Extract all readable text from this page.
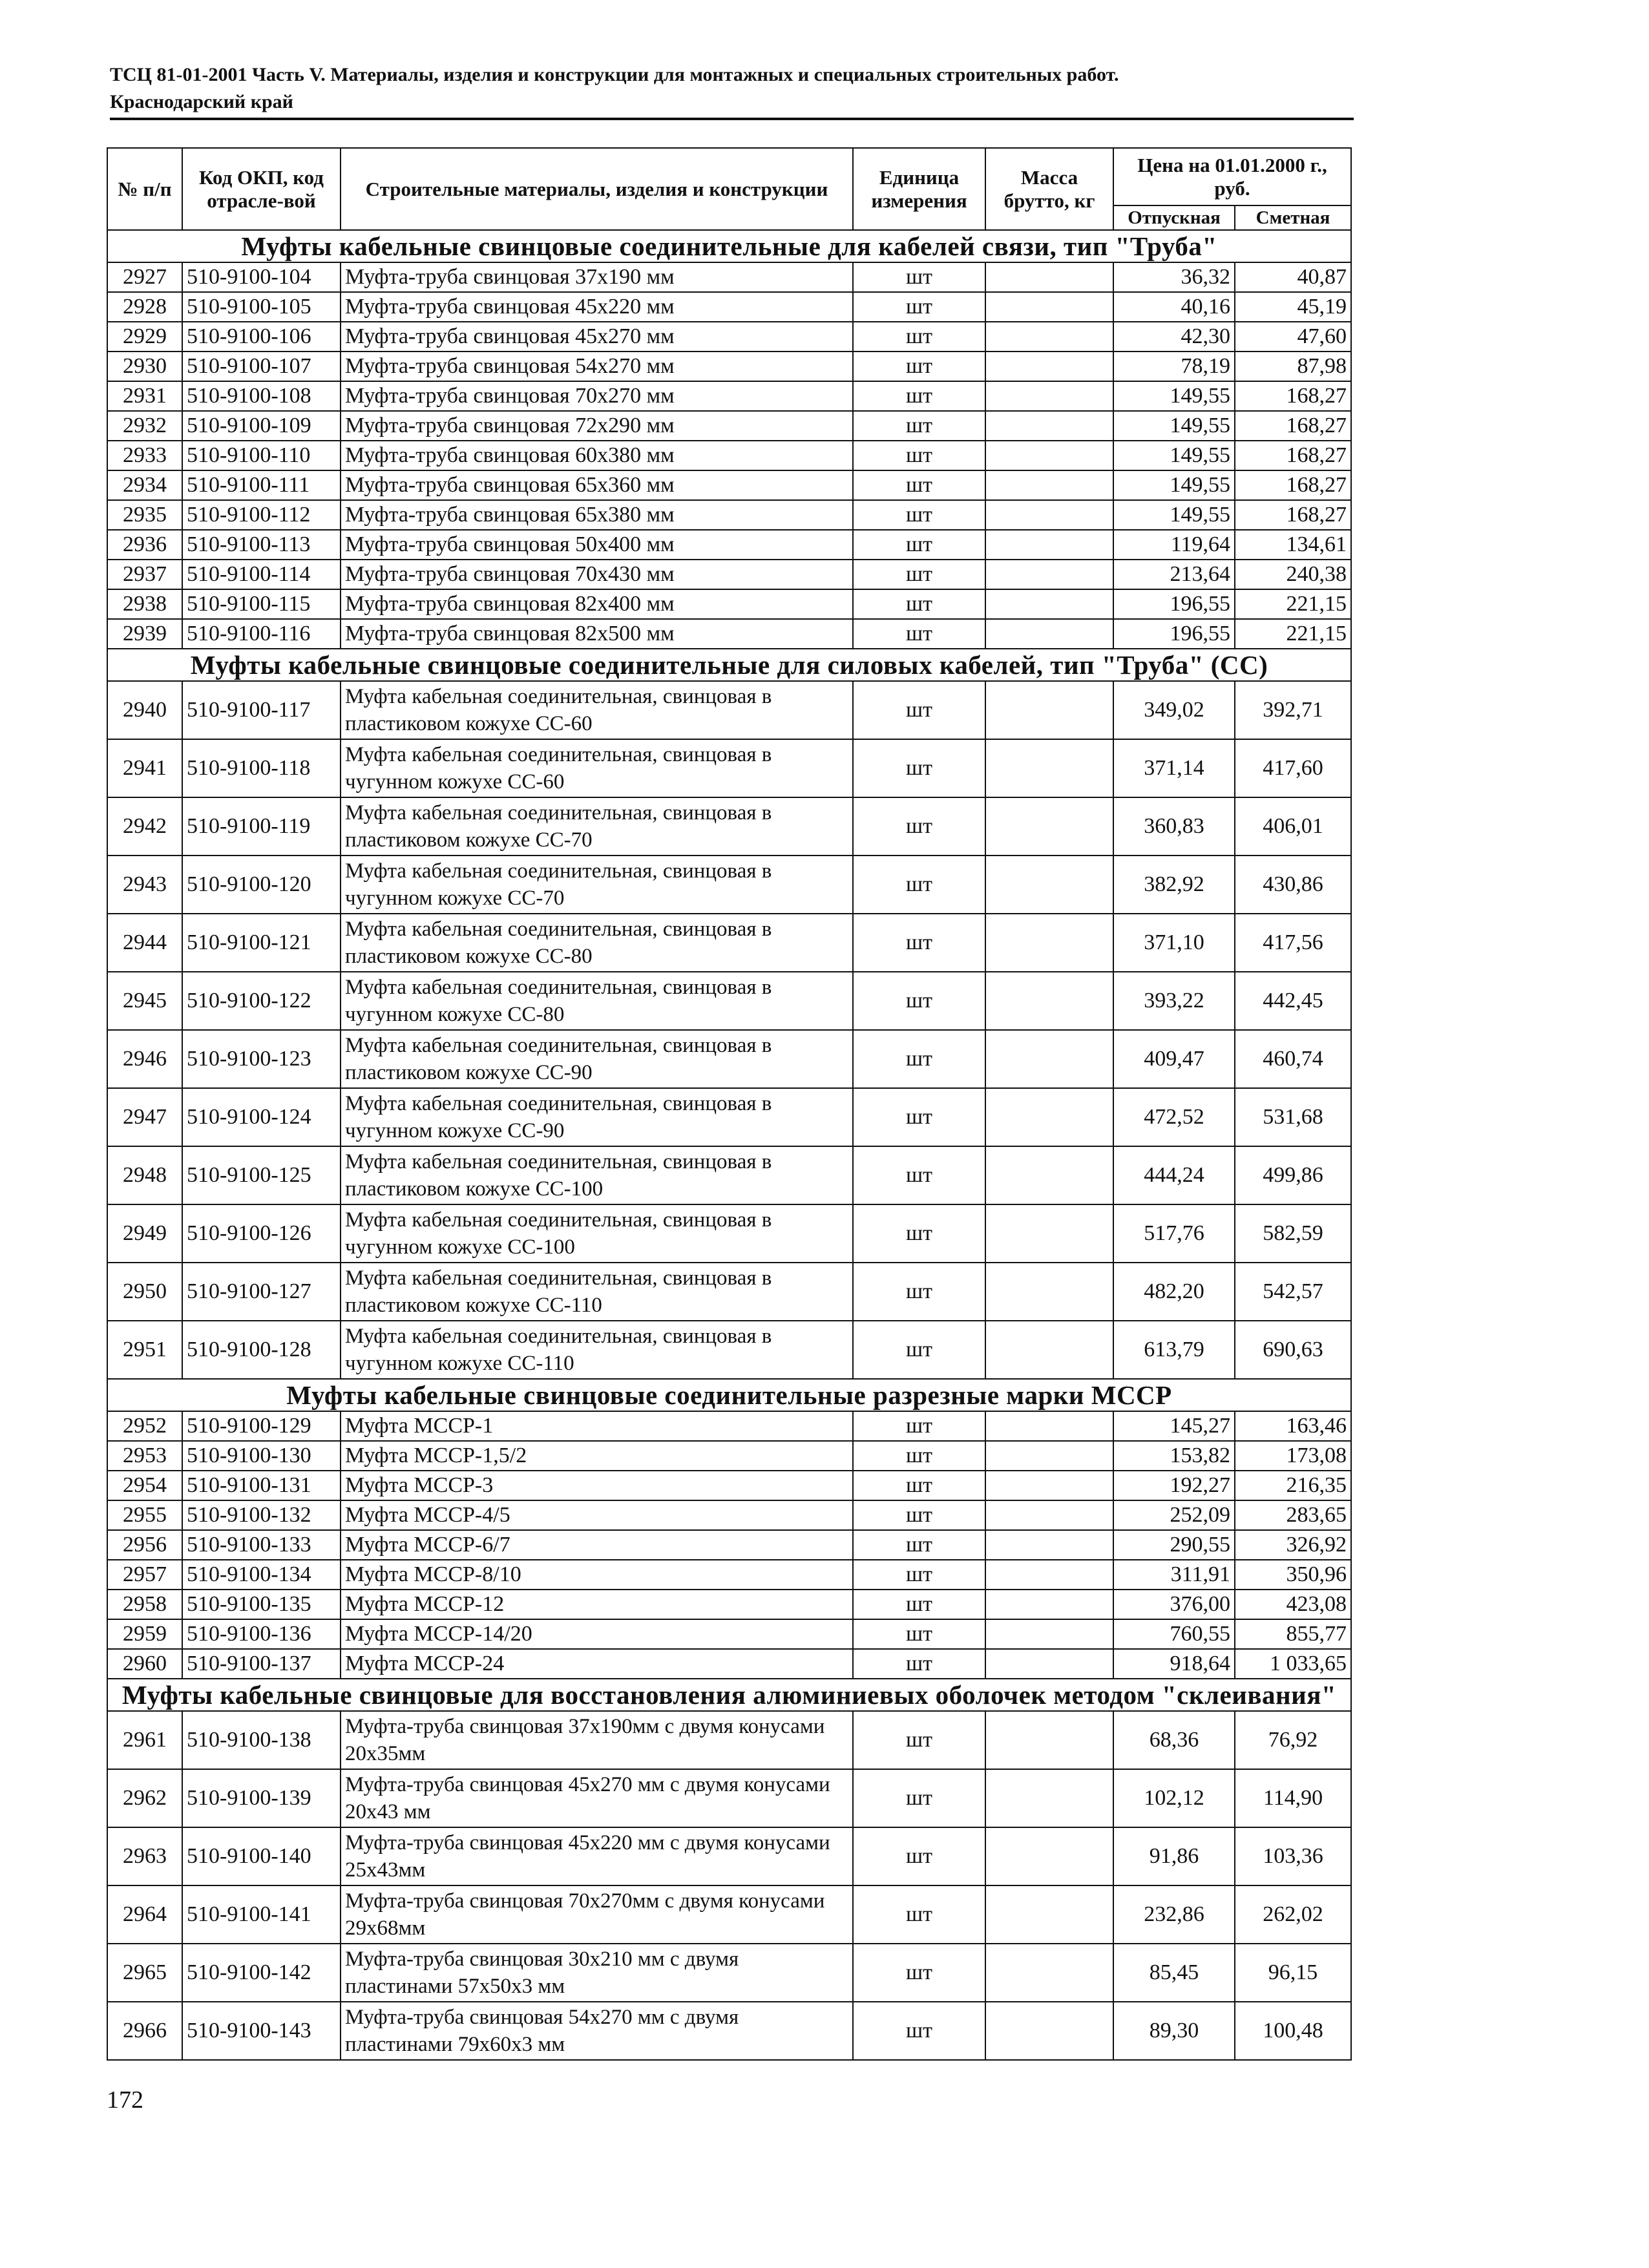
ТСЦ 81-01-2001 Часть V. Материалы, изделия и конструкции для монтажных и специальных строительных работ.
Краснодарский край
№ п/п	Код ОКП, код отрасле-вой	Строительные материалы, изделия и конструкции	Единица измерения	Масса брутто, кг	Цена на 01.01.2000 г., руб.	
					Отпускная	Сметная
Муфты кабельные свинцовые соединительные для кабелей связи, тип "Труба"						
2927	510-9100-104	Муфта-труба свинцовая 37х190 мм	шт		36,32	40,87
2928	510-9100-105	Муфта-труба свинцовая 45х220 мм	шт		40,16	45,19
2929	510-9100-106	Муфта-труба свинцовая 45х270 мм	шт		42,30	47,60
2930	510-9100-107	Муфта-труба свинцовая 54х270 мм	шт		78,19	87,98
2931	510-9100-108	Муфта-труба свинцовая 70х270 мм	шт		149,55	168,27
2932	510-9100-109	Муфта-труба свинцовая 72х290 мм	шт		149,55	168,27
2933	510-9100-110	Муфта-труба свинцовая 60х380 мм	шт		149,55	168,27
2934	510-9100-111	Муфта-труба свинцовая 65х360 мм	шт		149,55	168,27
2935	510-9100-112	Муфта-труба свинцовая 65х380 мм	шт		149,55	168,27
2936	510-9100-113	Муфта-труба свинцовая 50х400 мм	шт		119,64	134,61
2937	510-9100-114	Муфта-труба свинцовая 70х430 мм	шт		213,64	240,38
2938	510-9100-115	Муфта-труба свинцовая 82х400 мм	шт		196,55	221,15
2939	510-9100-116	Муфта-труба свинцовая 82х500 мм	шт		196,55	221,15
Муфты кабельные свинцовые соединительные для силовых кабелей, тип "Труба" (СС)						
2940	510-9100-117	Муфта кабельная соединительная, свинцовая в пластиковом кожухе СС-60	шт		349,02	392,71
2941	510-9100-118	Муфта кабельная соединительная, свинцовая в чугунном кожухе СС-60	шт		371,14	417,60
2942	510-9100-119	Муфта кабельная соединительная, свинцовая в пластиковом кожухе СС-70	шт		360,83	406,01
2943	510-9100-120	Муфта кабельная соединительная, свинцовая в чугунном кожухе СС-70	шт		382,92	430,86
2944	510-9100-121	Муфта кабельная соединительная, свинцовая в пластиковом кожухе СС-80	шт		371,10	417,56
2945	510-9100-122	Муфта кабельная соединительная, свинцовая в чугунном кожухе СС-80	шт		393,22	442,45
2946	510-9100-123	Муфта кабельная соединительная, свинцовая в пластиковом кожухе СС-90	шт		409,47	460,74
2947	510-9100-124	Муфта кабельная соединительная, свинцовая в чугунном кожухе СС-90	шт		472,52	531,68
2948	510-9100-125	Муфта кабельная соединительная, свинцовая в пластиковом кожухе СС-100	шт		444,24	499,86
2949	510-9100-126	Муфта кабельная соединительная, свинцовая в чугунном кожухе СС-100	шт		517,76	582,59
2950	510-9100-127	Муфта кабельная соединительная, свинцовая в пластиковом кожухе СС-110	шт		482,20	542,57
2951	510-9100-128	Муфта кабельная соединительная, свинцовая в чугунном кожухе СС-110	шт		613,79	690,63
Муфты кабельные свинцовые соединительные разрезные марки МССР						
2952	510-9100-129	Муфта МССР-1	шт		145,27	163,46
2953	510-9100-130	Муфта МССР-1,5/2	шт		153,82	173,08
2954	510-9100-131	Муфта МССР-3	шт		192,27	216,35
2955	510-9100-132	Муфта МССР-4/5	шт		252,09	283,65
2956	510-9100-133	Муфта МССР-6/7	шт		290,55	326,92
2957	510-9100-134	Муфта МССР-8/10	шт		311,91	350,96
2958	510-9100-135	Муфта МССР-12	шт		376,00	423,08
2959	510-9100-136	Муфта МССР-14/20	шт		760,55	855,77
2960	510-9100-137	Муфта МССР-24	шт		918,64	1 033,65
Муфты кабельные свинцовые для восстановления алюминиевых оболочек методом "склеивания"						
2961	510-9100-138	Муфта-труба свинцовая 37х190мм с двумя конусами 20х35мм	шт		68,36	76,92
2962	510-9100-139	Муфта-труба свинцовая 45х270 мм с двумя конусами 20х43 мм	шт		102,12	114,90
2963	510-9100-140	Муфта-труба свинцовая 45х220 мм с двумя конусами 25х43мм	шт		91,86	103,36
2964	510-9100-141	Муфта-труба свинцовая 70х270мм с двумя конусами 29х68мм	шт		232,86	262,02
2965	510-9100-142	Муфта-труба свинцовая 30х210 мм с двумя пластинами 57х50х3 мм	шт		85,45	96,15
2966	510-9100-143	Муфта-труба свинцовая 54х270 мм с двумя пластинами 79х60х3 мм	шт		89,30	100,48
172
